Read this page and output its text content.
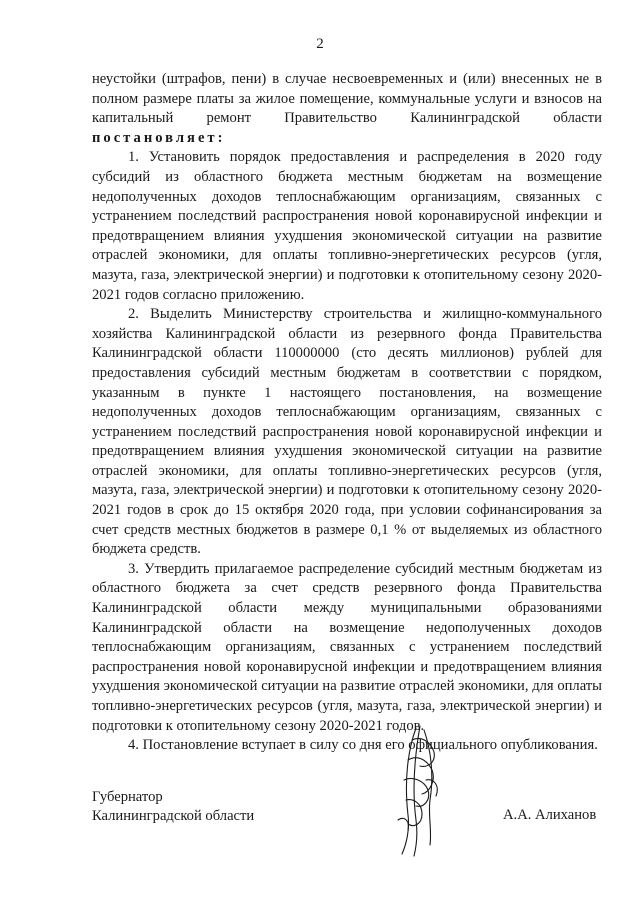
2

неустойки (штрафов, пени) в случае несвоевременных и (или) внесенных не в полном размере платы за жилое помещение, коммунальные услуги и взносов на капитальный ремонт Правительство Калининградской области постановляет:

1. Установить порядок предоставления и распределения в 2020 году субсидий из областного бюджета местным бюджетам на возмещение недополученных доходов теплоснабжающим организациям, связанных с устранением последствий распространения новой коронавирусной инфекции и предотвращением влияния ухудшения экономической ситуации на развитие отраслей экономики, для оплаты топливно-энергетических ресурсов (угля, мазута, газа, электрической энергии) и подготовки к отопительному сезону 2020-2021 годов согласно приложению.

2. Выделить Министерству строительства и жилищно-коммунального хозяйства Калининградской области из резервного фонда Правительства Калининградской области 110000000 (сто десять миллионов) рублей для предоставления субсидий местным бюджетам в соответствии с порядком, указанным в пункте 1 настоящего постановления, на возмещение недополученных доходов теплоснабжающим организациям, связанных с устранением последствий распространения новой коронавирусной инфекции и предотвращением влияния ухудшения экономической ситуации на развитие отраслей экономики, для оплаты топливно-энергетических ресурсов (угля, мазута, газа, электрической энергии) и подготовки к отопительному сезону 2020-2021 годов в срок до 15 октября 2020 года, при условии софинансирования за счет средств местных бюджетов в размере 0,1 % от выделяемых из областного бюджета средств.

3. Утвердить прилагаемое распределение субсидий местным бюджетам из областного бюджета за счет средств резервного фонда Правительства Калининградской области между муниципальными образованиями Калининградской области на возмещение недополученных доходов теплоснабжающим организациям, связанных с устранением последствий распространения новой коронавирусной инфекции и предотвращением влияния ухудшения экономической ситуации на развитие отраслей экономики, для оплаты топливно-энергетических ресурсов (угля, мазута, газа, электрической энергии) и подготовки к отопительному сезону 2020-2021 годов.

4. Постановление вступает в силу со дня его официального опубликования.

Губернатор
Калининградской области	А.А. Алиханов
